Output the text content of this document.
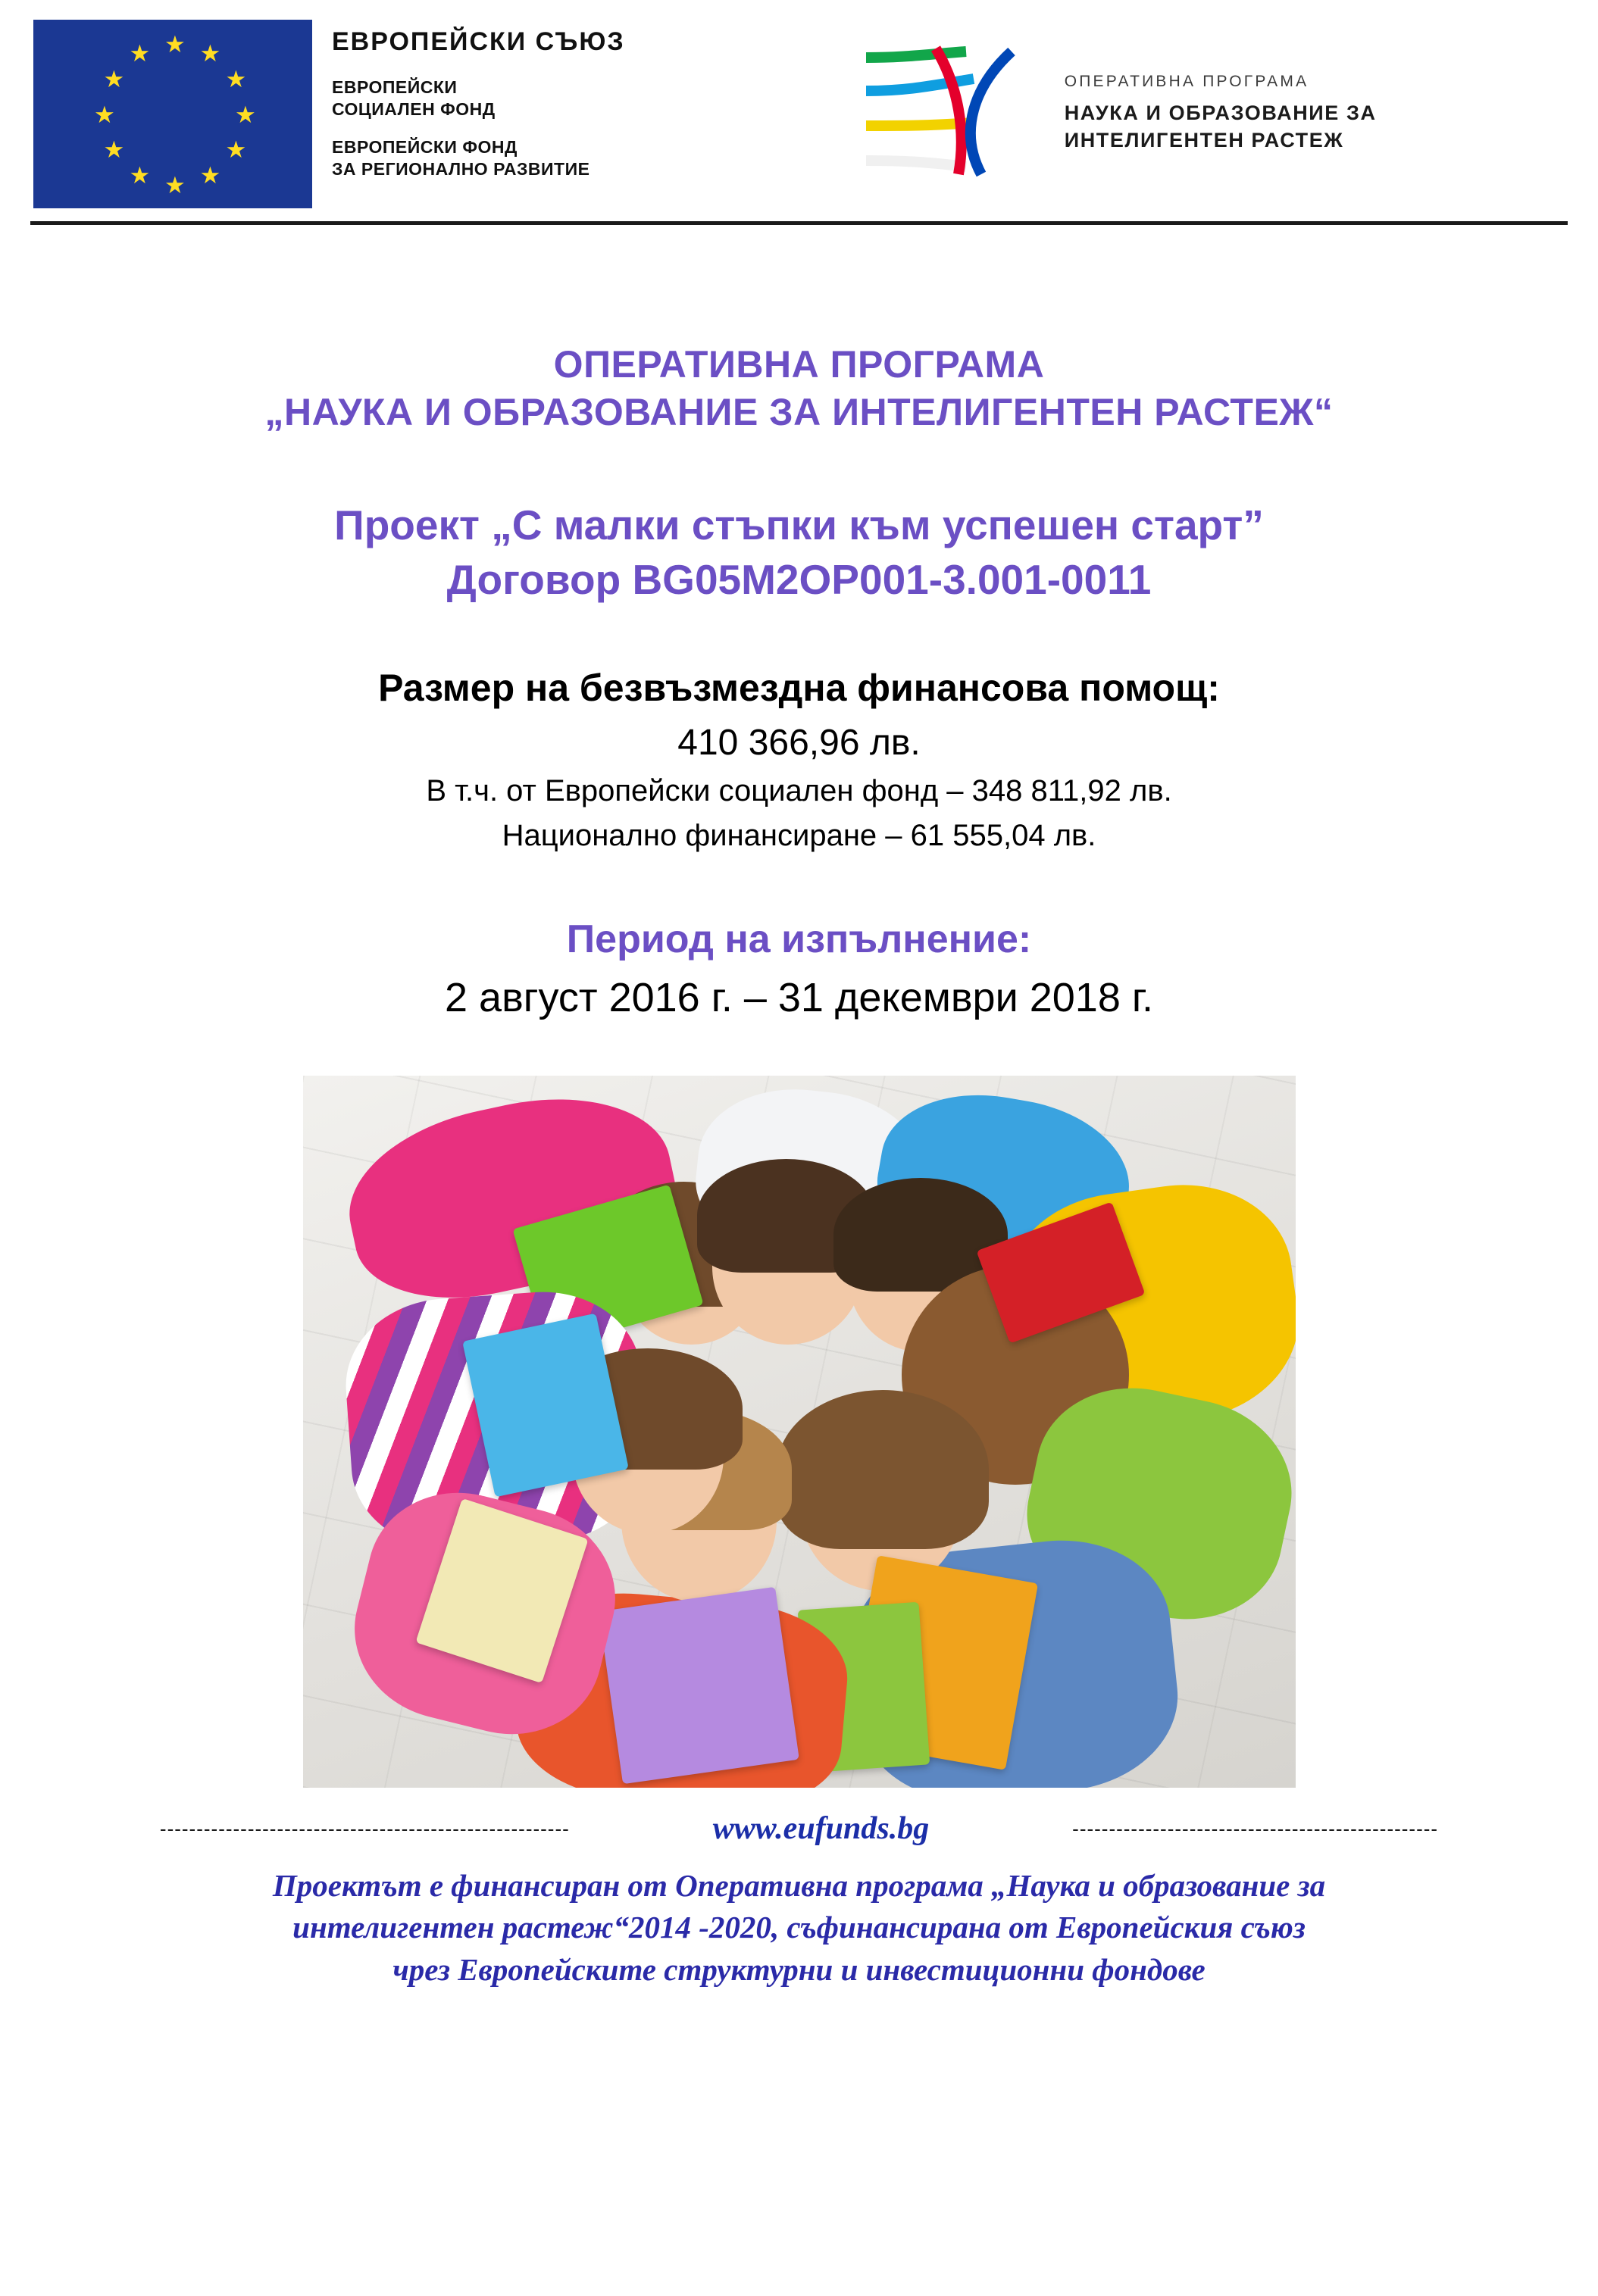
★ ★
★
★
★
★
★
★
★
★
★
★	ЕВРОПЕЙСКИ СЪЮЗ
ЕВРОПЕЙСКИ
СОЦИАЛЕН ФОНД
ЕВРОПЕЙСКИ ФОНД
ЗА РЕГИОНАЛНО РАЗВИТИЕ
ОПЕРАТИВНА ПРОГРАМА
НАУКА И ОБРАЗОВАНИЕ ЗА
ИНТЕЛИГЕНТЕН РАСТЕЖ
ОПЕРАТИВНА ПРОГРАМА
„НАУКА И ОБРАЗОВАНИЕ ЗА ИНТЕЛИГЕНТЕН РАСТЕЖ“
Проект „С малки стъпки към успешен старт”
Договор BG05M2OP001-3.001-0011
Размер на безвъзмездна финансова помощ:
410 366,96 лв.
В т.ч. от Европейски социален фонд – 348 811,92 лв.
Национално финансиране – 61 555,04 лв.
Период на изпълнение:
2 август 2016 г. – 31 декември 2018 г.
--------------------------------------------------------	www.eufunds.bg	--------------------------------------------------
Проектът е финансиран от Оперативна програма „Наука и образование за
интелигентен растеж“2014 -2020, съфинансирана от Европейския съюз
чрез Европейските структурни и инвестиционни фондове
